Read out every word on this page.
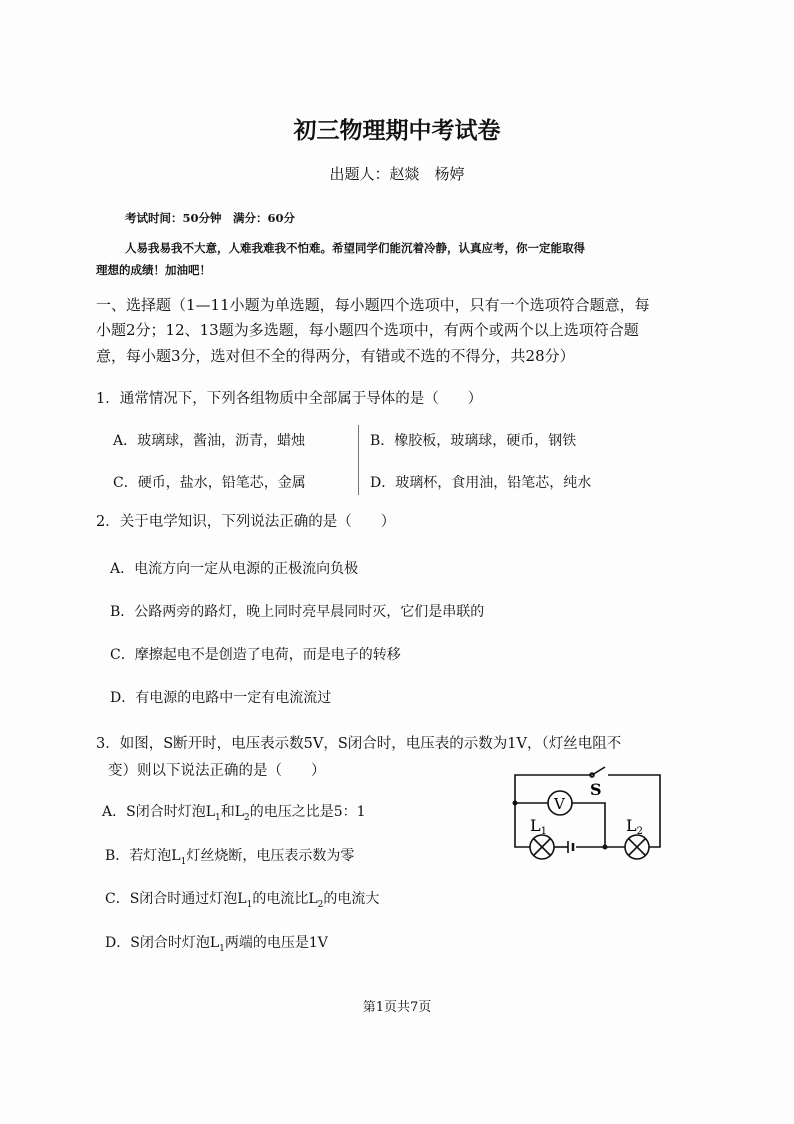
初三物理期中考试卷
出题人：赵燚　杨婷
考试时间：50分钟　满分：60分
人易我易我不大意，人难我难我不怕难。希望同学们能沉着冷静，认真应考，你一定能取得
理想的成绩！加油吧！
一、选择题（1—11小题为单选题，每小题四个选项中，只有一个选项符合题意，每
小题2分；12、13题为多选题，每小题四个选项中，有两个或两个以上选项符合题
意，每小题3分，选对但不全的得两分，有错或不选的不得分，共28分）
1．通常情况下，下列各组物质中全部属于导体的是（　　）
A．玻璃球，酱油，沥青，蜡烛	B．橡胶板，玻璃球，硬币，钢铁
C．硬币，盐水，铅笔芯，金属	D．玻璃杯，食用油，铅笔芯，纯水
2．关于电学知识，下列说法正确的是（　　）
A．电流方向一定从电源的正极流向负极
B．公路两旁的路灯，晚上同时亮早晨同时灭，它们是串联的
C．摩擦起电不是创造了电荷，而是电子的转移
D．有电源的电路中一定有电流流过
3．如图，S断开时，电压表示数5V，S闭合时，电压表的示数为1V，（灯丝电阻不
变）则以下说法正确的是（　　）
A．S闭合时灯泡$L_1$和$L_2$的电压之比是5：1
B．若灯泡$L_1$灯丝烧断，电压表示数为零
C．S闭合时通过灯泡$L_1$的电流比$L_2$的电流大
D．S闭合时灯泡$L_1$两端的电压是1V
V
S
L1	L2
第1页共7页
